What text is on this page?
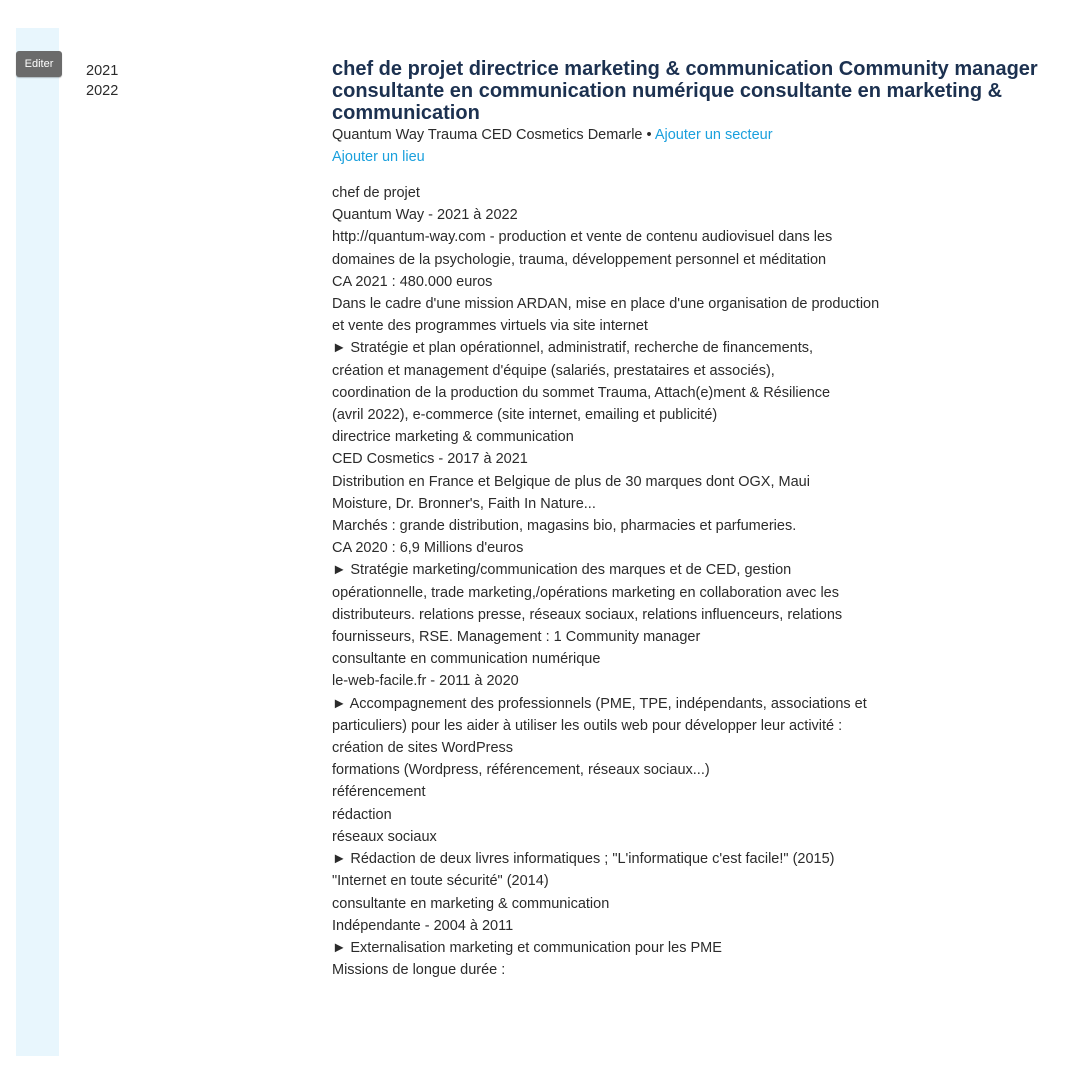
Editer	2021
2022
chef de projet directrice marketing & communication Community manager consultante en communication numérique consultante en marketing & communication
Quantum Way Trauma CED Cosmetics Demarle • Ajouter un secteur
Ajouter un lieu
chef de projet
Quantum Way - 2021 à 2022
http://quantum-way.com - production et vente de contenu audiovisuel dans les
domaines de la psychologie, trauma, développement personnel et méditation
CA 2021 : 480.000 euros
Dans le cadre d'une mission ARDAN, mise en place d'une organisation de production
et vente des programmes virtuels via site internet
► Stratégie et plan opérationnel, administratif, recherche de financements,
création et management d'équipe (salariés, prestataires et associés),
coordination de la production du sommet Trauma, Attach(e)ment & Résilience
(avril 2022), e-commerce (site internet, emailing et publicité)
directrice marketing & communication
CED Cosmetics - 2017 à 2021
Distribution en France et Belgique de plus de 30 marques dont OGX, Maui
Moisture, Dr. Bronner's, Faith In Nature...
Marchés : grande distribution, magasins bio, pharmacies et parfumeries.
CA 2020 : 6,9 Millions d'euros
► Stratégie marketing/communication des marques et de CED, gestion
opérationnelle, trade marketing,/opérations marketing en collaboration avec les
distributeurs. relations presse, réseaux sociaux, relations influenceurs, relations
fournisseurs, RSE. Management : 1 Community manager
consultante en communication numérique
le-web-facile.fr - 2011 à 2020
► Accompagnement des professionnels (PME, TPE, indépendants, associations et
particuliers) pour les aider à utiliser les outils web pour développer leur activité :
création de sites WordPress
formations (Wordpress, référencement, réseaux sociaux...)
référencement
rédaction
réseaux sociaux
► Rédaction de deux livres informatiques ; "L'informatique c'est facile!" (2015)
"Internet en toute sécurité" (2014)
consultante en marketing & communication
Indépendante - 2004 à 2011
► Externalisation marketing et communication pour les PME
Missions de longue durée :
